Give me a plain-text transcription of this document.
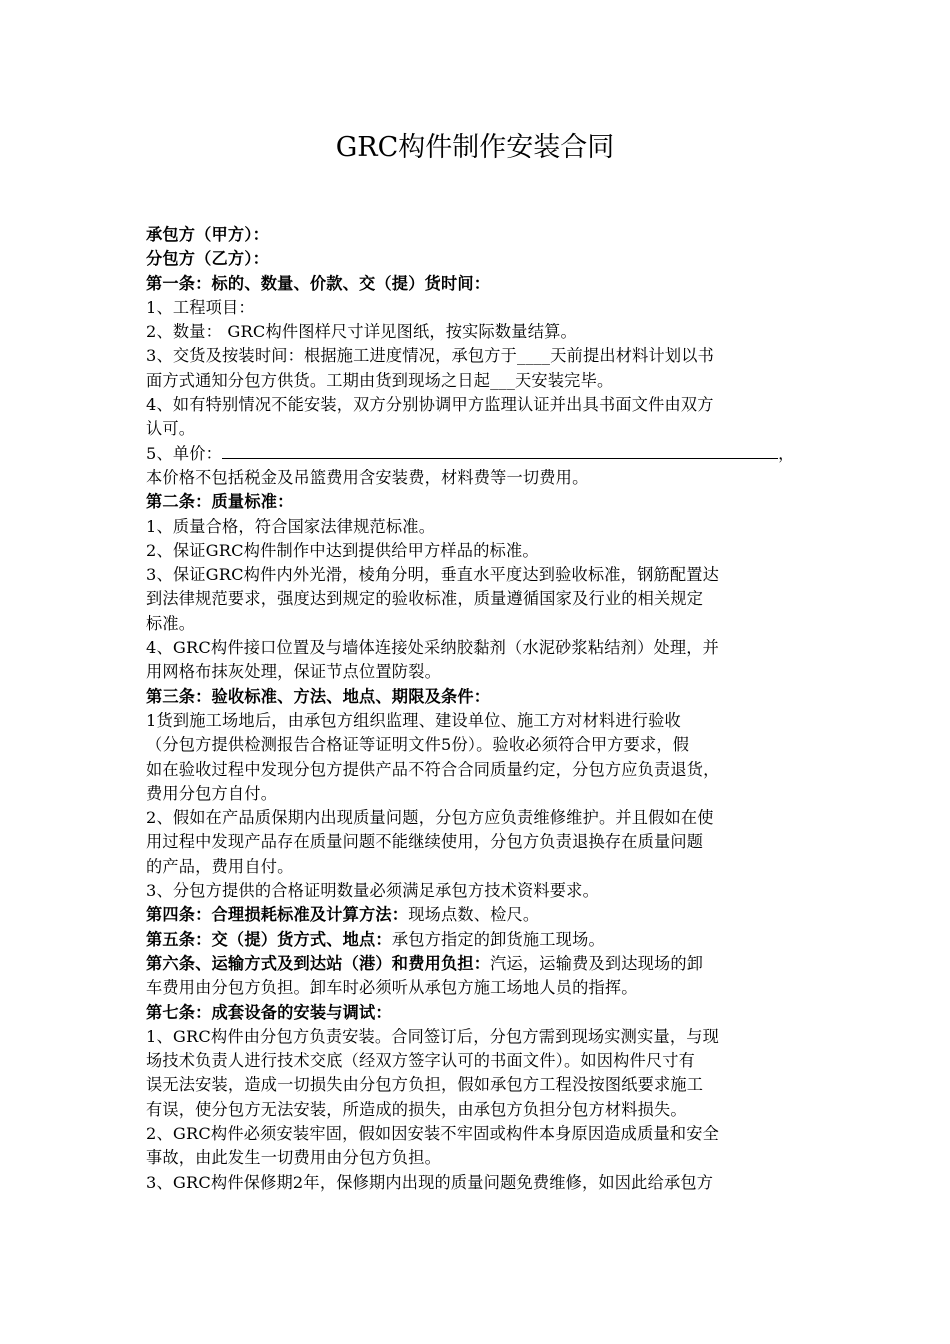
GRC构件制作安装合同

承包方（甲方）：

分包方（乙方）：

第一条：标的、数量、价款、交（提）货时间：

1、工程项目：

2、数量： GRC构件图样尺寸详见图纸，按实际数量结算。

3、交货及按装时间：根据施工进度情况，承包方于____天前提出材料计划以书

面方式通知分包方供货。工期由货到现场之日起___天安装完毕。

4、如有特别情况不能安装，双方分别协调甲方监理认证并出具书面文件由双方

认可。

5、单价：	，

本价格不包括税金及吊篮费用含安装费，材料费等一切费用。

第二条：质量标准：

1、质量合格，符合国家法律规范标准。

2、保证GRC构件制作中达到提供给甲方样品的标准。

3、保证GRC构件内外光滑，棱角分明，垂直水平度达到验收标准，钢筋配置达

到法律规范要求，强度达到规定的验收标准，质量遵循国家及行业的相关规定

标准。

4、GRC构件接口位置及与墙体连接处采纳胶黏剂（水泥砂浆粘结剂）处理，并

用网格布抹灰处理，保证节点位置防裂。

第三条：验收标准、方法、地点、期限及条件：

1货到施工场地后，由承包方组织监理、建设单位、施工方对材料进行验收

（分包方提供检测报告合格证等证明文件5份）。验收必须符合甲方要求，假

如在验收过程中发现分包方提供产品不符合合同质量约定，分包方应负责退货，

费用分包方自付。

2、假如在产品质保期内出现质量问题，分包方应负责维修维护。并且假如在使

用过程中发现产品存在质量问题不能继续使用，分包方负责退换存在质量问题

的产品，费用自付。

3、分包方提供的合格证明数量必须满足承包方技术资料要求。

第四条：合理损耗标准及计算方法：现场点数、检尺。

第五条：交（提）货方式、地点：承包方指定的卸货施工现场。

第六条、运输方式及到达站（港）和费用负担：汽运，运输费及到达现场的卸

车费用由分包方负担。卸车时必须听从承包方施工场地人员的指挥。

第七条：成套设备的安装与调试：

1、GRC构件由分包方负责安装。合同签订后，分包方需到现场实测实量，与现

场技术负责人进行技术交底（经双方签字认可的书面文件）。如因构件尺寸有

误无法安装，造成一切损失由分包方负担，假如承包方工程没按图纸要求施工

有误，使分包方无法安装，所造成的损失，由承包方负担分包方材料损失。

2、GRC构件必须安装牢固，假如因安装不牢固或构件本身原因造成质量和安全

事故，由此发生一切费用由分包方负担。

3、GRC构件保修期2年，保修期内出现的质量问题免费维修，如因此给承包方
